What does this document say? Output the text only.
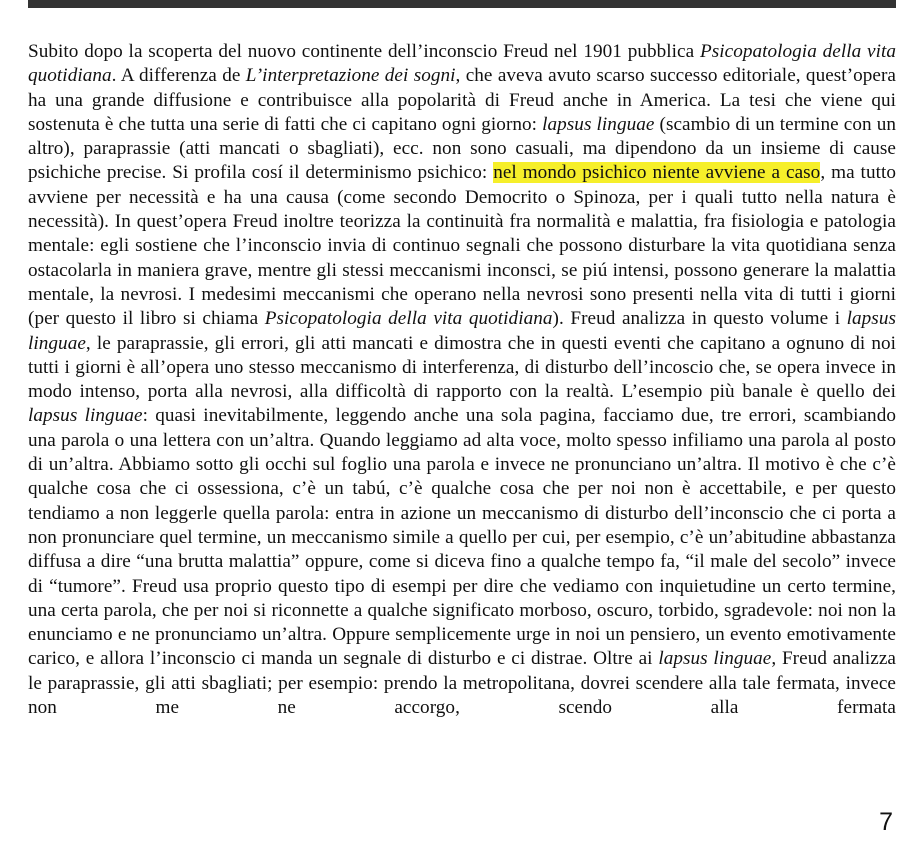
Subito dopo la scoperta del nuovo continente dell’inconscio Freud nel 1901 pubblica Psicopatologia della vita quotidiana. A differenza de L’interpretazione dei sogni, che aveva avuto scarso successo editoriale, quest’opera ha una grande diffusione e contribuisce alla popolarità di Freud anche in America. La tesi che viene qui sostenuta è che tutta una serie di fatti che ci capitano ogni giorno: lapsus linguae (scambio di un termine con un altro), paraprassie (atti mancati o sbagliati), ecc. non sono casuali, ma dipendono da un insieme di cause psichiche precise. Si profila cosí il determinismo psichico: nel mondo psichico niente avviene a caso, ma tutto avviene per necessità e ha una causa (come secondo Democrito o Spinoza, per i quali tutto nella natura è necessità). In quest’opera Freud inoltre teorizza la continuità fra normalità e malattia, fra fisiologia e patologia mentale: egli sostiene che l’inconscio invia di continuo segnali che possono disturbare la vita quotidiana senza ostacolarla in maniera grave, mentre gli stessi meccanismi inconsci, se piú intensi, possono generare la malattia mentale, la nevrosi. I medesimi meccanismi che operano nella nevrosi sono presenti nella vita di tutti i giorni (per questo il libro si chiama Psicopatologia della vita quotidiana). Freud analizza in questo volume i lapsus linguae, le paraprassie, gli errori, gli atti mancati e dimostra che in questi eventi che capitano a ognuno di noi tutti i giorni è all’opera uno stesso meccanismo di interferenza, di disturbo dell’incoscio che, se opera invece in modo intenso, porta alla nevrosi, alla difficoltà di rapporto con la realtà. L’esempio più banale è quello dei lapsus linguae: quasi inevitabilmente, leggendo anche una sola pagina, facciamo due, tre errori, scambiando una parola o una lettera con un’altra. Quando leggiamo ad alta voce, molto spesso infiliamo una parola al posto di un’altra. Abbiamo sotto gli occhi sul foglio una parola e invece ne pronunciano un’altra. Il motivo è che c’è qualche cosa che ci ossessiona, c’è un tabú, c’è qualche cosa che per noi non è accettabile, e per questo tendiamo a non leggerle quella parola: entra in azione un meccanismo di disturbo dell’inconscio che ci porta a non pronunciare quel termine, un meccanismo simile a quello per cui, per esempio, c’è un’abitudine abbastanza diffusa a dire “una brutta malattia” oppure, come si diceva fino a qualche tempo fa, “il male del secolo” invece di “tumore”. Freud usa proprio questo tipo di esempi per dire che vediamo con inquietudine un certo termine, una certa parola, che per noi si riconnette a qualche significato morboso, oscuro, torbido, sgradevole: noi non la enunciamo e ne pronunciamo un’altra. Oppure semplicemente urge in noi un pensiero, un evento emotivamente carico, e allora l’inconscio ci manda un segnale di disturbo e ci distrae. Oltre ai lapsus linguae, Freud analizza le paraprassie, gli atti sbagliati; per esempio: prendo la metropolitana, dovrei scendere alla tale fermata, invece non me ne accorgo, scendo alla fermata
7
